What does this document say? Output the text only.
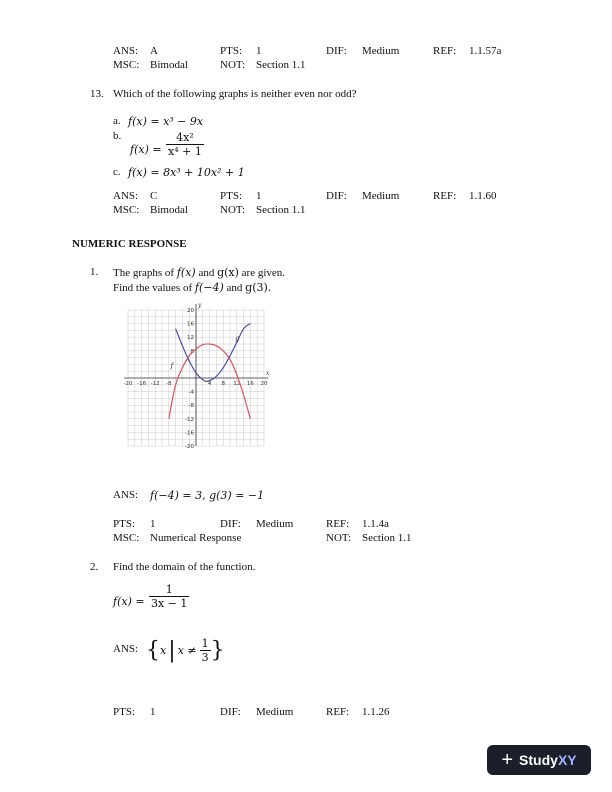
ANS: A	PTS: 1	DIF: Medium	REF: 1.1.57a
MSC: Bimodal	NOT: Section 1.1
13. Which of the following graphs is neither even nor odd?
a. f(x) = x³ − 9x
b.
$f(x) = \frac{\text{4x²}}{\text{x⁴ + 1}}$
c. f(x) = 8x³ + 10x² + 1
ANS: C	PTS: 1	DIF: Medium	REF: 1.1.60
MSC: Bimodal	NOT: Section 1.1
NUMERIC RESPONSE
1. The graphs of f(x) and g(x) are given.
Find the values of f(−4) and g(3).
x
y
-20 -16 -12 -8	4 8 12 16 20
20
16
12
8
-4
-8
-12
-16
-20
f
g
ANS: f(−4) = 3, g(3) = −1
PTS: 1	DIF: Medium	REF: 1.1.4a
MSC: Numerical Response	NOT: Section 1.1
2. Find the domain of the function.
$f(x) = \frac{1}{3x - 1}$
ANS: { x | $x \ne \frac{1}{3}$ }
PTS: 1	DIF: Medium	REF: 1.1.26
+ StudyXY
